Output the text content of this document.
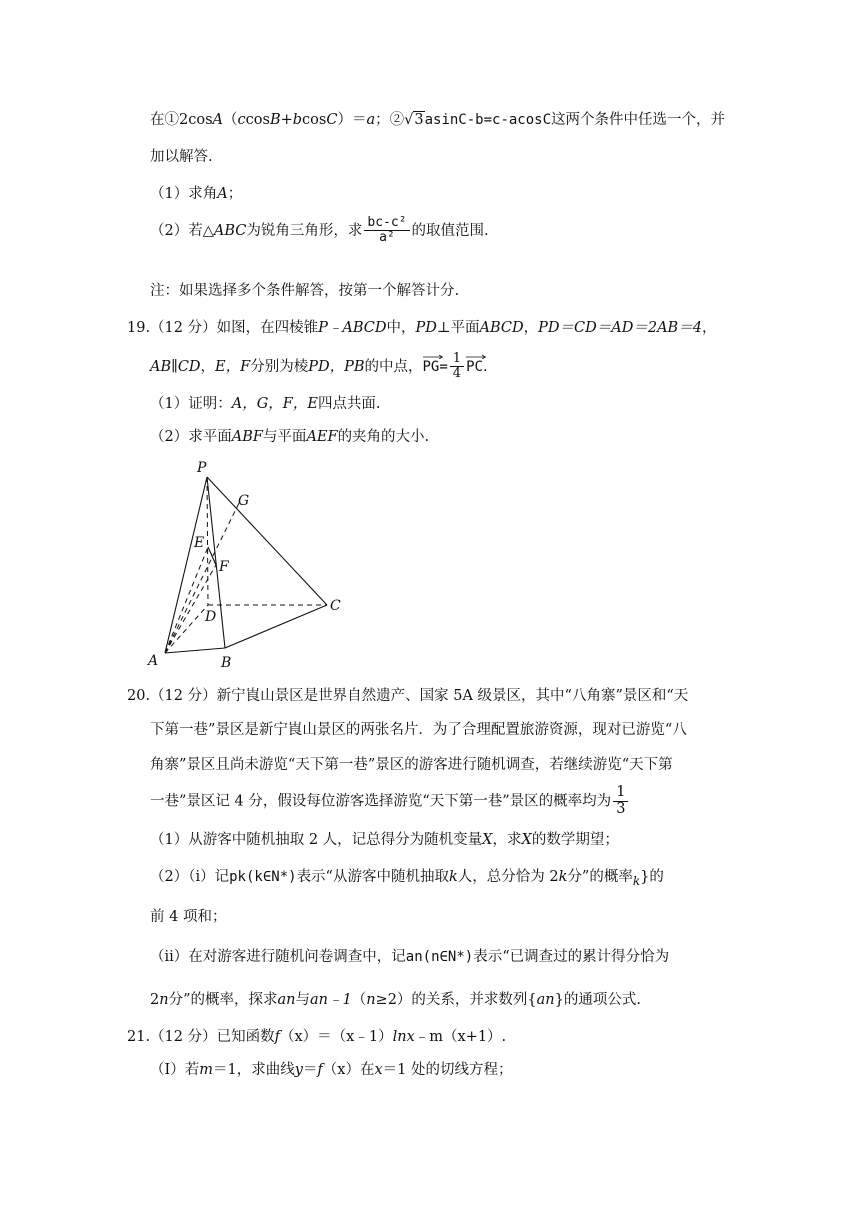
在①2cosA（ccosB+bcosC）＝a；②√3asinC-b=c-acosC这两个条件中任选一个，并
加以解答.
（1）求角A；
（2）若△ABC为锐角三角形，求 $\frac{\text{bc-c²}}{\text{a²}}$ 的取值范围.
注：如果选择多个条件解答，按第一个解答计分.
19.（12 分）如图，在四棱锥P﹣ABCD中，PD⊥平面ABCD，PD＝CD＝AD＝2AB＝4，
AB∥CD，E，F分别为棱PD，PB的中点，
$PG= \frac{1}{4}$ PC.
（1）证明：A，G，F，E四点共面.
（2）求平面ABF与平面AEF的夹角的大小.
P
G
E
F
D
C
A	B
20.（12 分）新宁崀山景区是世界自然遗产、国家 5A 级景区，其中“八角寨”景区和“天
下第一巷”景区是新宁崀山景区的两张名片．为了合理配置旅游资源，现对已游览“八
角寨”景区且尚未游览“天下第一巷”景区的游客进行随机调查，若继续游览“天下第
一巷”景区记 4 分，假设每位游客选择游览“天下第一巷”景区的概率均为 $\frac{1}{3}$
（1）从游客中随机抽取 2 人，记总得分为随机变量X，求X的数学期望；
（2）（ⅰ）记pk(k∈N*)表示“从游客中随机抽取k人，总分恰为 2k分”的概率$_k$}的
前 4 项和；
（ⅱ）在对游客进行随机问卷调查中，记an(n∈N*)表示“已调查过的累计得分恰为
2n分”的概率，探求an与an﹣1（n≥2）的关系，并求数列{an}的通项公式.
21.（12 分）已知函数f（x）＝（x﹣1）lnx﹣m（x+1）.
（Ⅰ）若m＝1，求曲线y＝f（x）在x＝1 处的切线方程；
